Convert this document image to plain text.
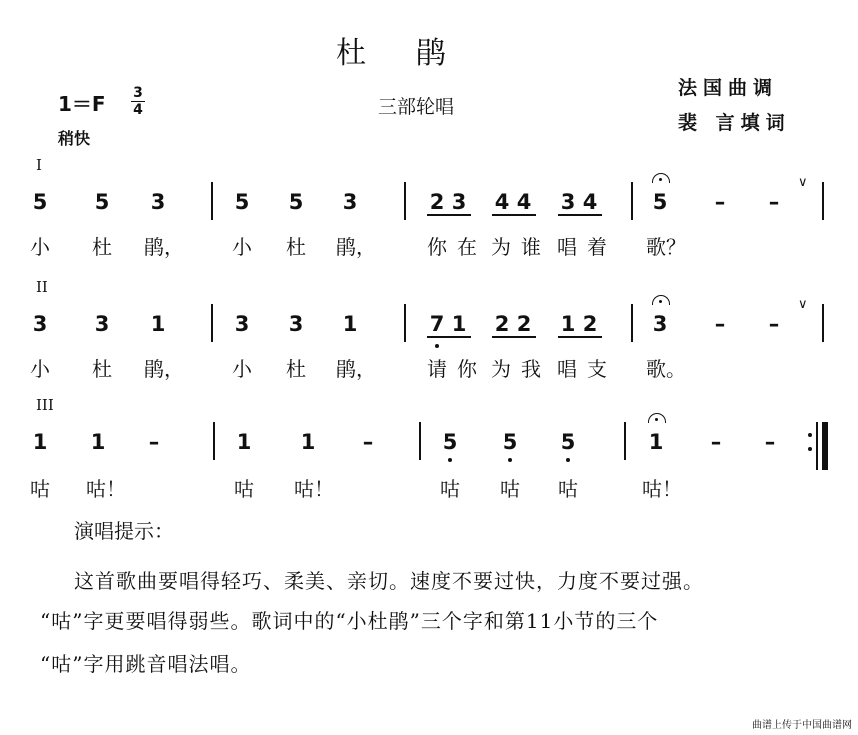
杜鹃
1＝F 3
4
稍快
三部轮唱
法国曲调
裴 言填词
I
5 5 3	5 5 3	2 3 4 4 3 4	5	–	–
∨
小 杜 鹃， 小 杜 鹃，	你 在 为 谁 唱 着 歌？
II
3 3 1	3 3 1	7 1 2 2 1 2	3	–	–
∨
小 杜 鹃， 小 杜 鹃，	请 你 为 我 唱 支 歌。
III
1 1	–	1 1	–	5 5 5	1	–	–
咕 咕！	咕 咕！	咕 咕 咕	咕！
演唱提示：
这首歌曲要唱得轻巧、柔美、亲切。速度不要过快，力度不要过强。
“咕”字更要唱得弱些。歌词中的“小杜鹃”三个字和第11小节的三个
“咕”字用跳音唱法唱。
曲谱上传于中国曲谱网
